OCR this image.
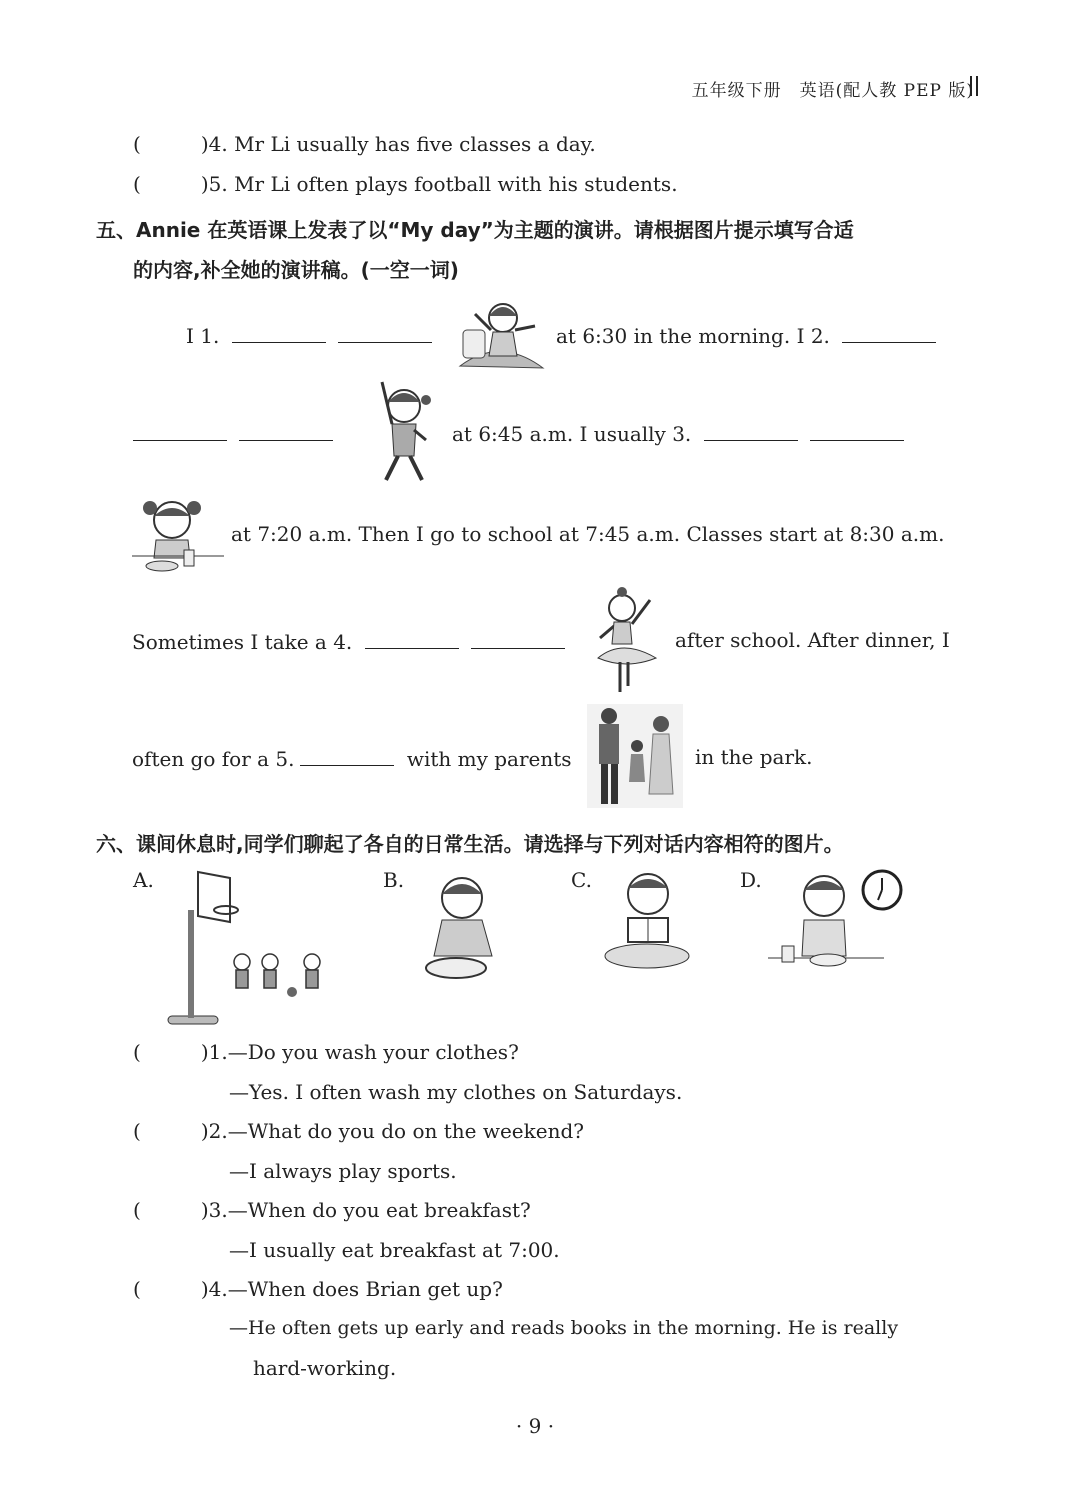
五年级下册　英语(配人教 PEP 版)
(	)4. Mr Li usually has five classes a day.
(	)5. Mr Li often plays football with his students.
五、Annie 在英语课上发表了以“My day”为主题的演讲。请根据图片提示填写合适
的内容,补全她的演讲稿。(一空一词)
I 1.	at 6:30 in the morning. I 2.
at 6:45 a.m. I usually 3.
at 7:20 a.m. Then I go to school at 7:45 a.m. Classes start at 8:30 a.m.
Sometimes I take a 4.	after school. After dinner, I
often go for a 5.	with my parents	in the park.
六、课间休息时,同学们聊起了各自的日常生活。请选择与下列对话内容相符的图片。
A.	B.	C.	D.
(	)1.—Do you wash your clothes?
—Yes. I often wash my clothes on Saturdays.
(	)2.—What do you do on the weekend?
—I always play sports.
(	)3.—When do you eat breakfast?
—I usually eat breakfast at 7:00.
(	)4.—When does Brian get up?
—He often gets up early and reads books in the morning. He is really
hard-working.
· 9 ·
